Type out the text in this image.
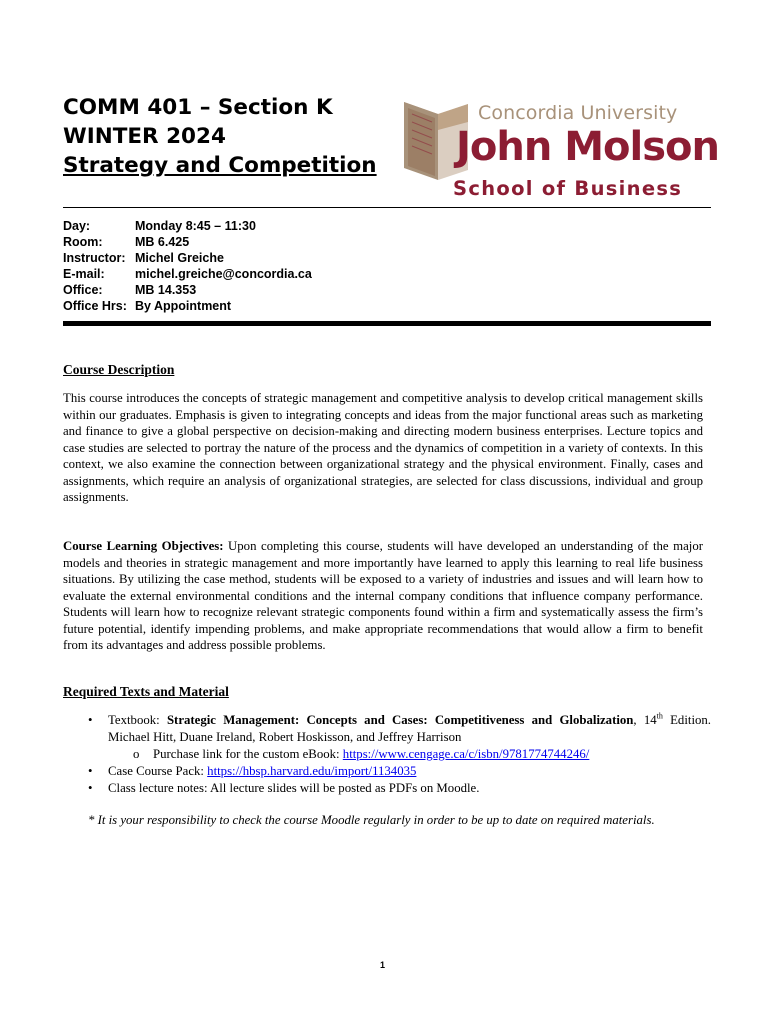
COMM 401 – Section K
WINTER 2024
Strategy and Competition
Concordia University
John Molson
School of Business
Day:	Monday 8:45 – 11:30
Room:	MB 6.425
Instructor: Michel Greiche
E-mail:	michel.greiche@concordia.ca
Office:	MB 14.353
Office Hrs: By Appointment
Course Description
This course introduces the concepts of strategic management and competitive analysis to develop critical management skills within our graduates. Emphasis is given to integrating concepts and ideas from the major functional areas such as marketing and finance to give a global perspective on decision-making and directing modern business enterprises. Lecture topics and case studies are selected to portray the nature of the process and the dynamics of competition in a variety of contexts. In this context, we also examine the connection between organizational strategy and the physical environment. Finally, cases and assignments, which require an analysis of organizational strategies, are selected for class discussions, individual and group assignments.
Course Learning Objectives: Upon completing this course, students will have developed an understanding of the major models and theories in strategic management and more importantly have learned to apply this learning to real life business situations. By utilizing the case method, students will be exposed to a variety of industries and issues and will learn how to evaluate the external environmental conditions and the internal company conditions that influence company performance. Students will learn how to recognize relevant strategic components found within a firm and systematically assess the firm’s future potential, identify impending problems, and make appropriate recommendations that would allow a firm to benefit from its advantages and address possible problems.
Required Texts and Material
• Textbook: Strategic Management: Concepts and Cases: Competitiveness and Globalization, 14th Edition. Michael Hitt, Duane Ireland, Robert Hoskisson, and Jeffrey Harrison
o Purchase link for the custom eBook: https://www.cengage.ca/c/isbn/9781774744246/
• Case Course Pack: https://hbsp.harvard.edu/import/1134035
• Class lecture notes: All lecture slides will be posted as PDFs on Moodle.
* It is your responsibility to check the course Moodle regularly in order to be up to date on required materials.
1
